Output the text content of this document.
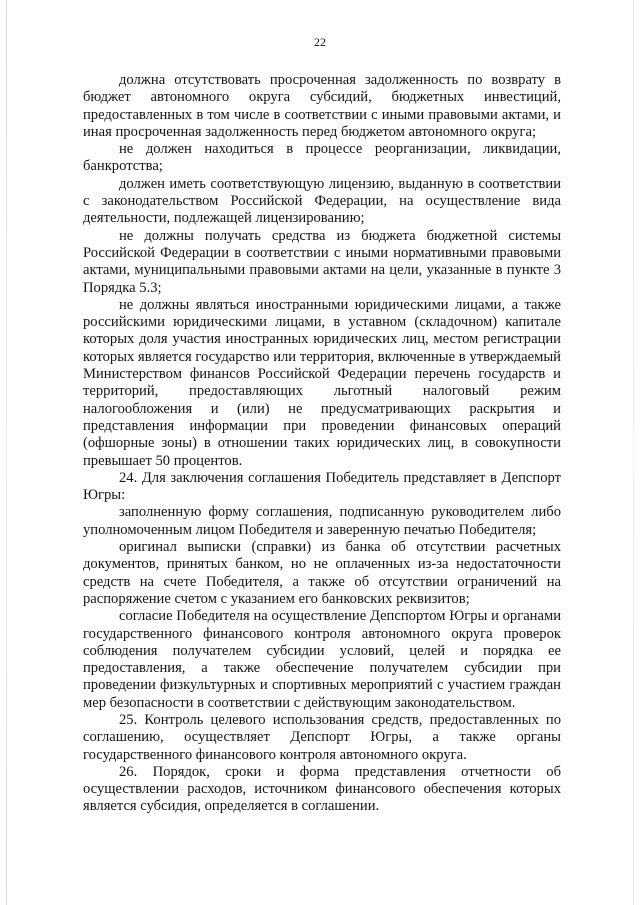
22

должна отсутствовать просроченная задолженность по возврату в бюджет автономного округа субсидий, бюджетных инвестиций, предоставленных в том числе в соответствии с иными правовыми актами, и иная просроченная задолженность перед бюджетом автономного округа;

не должен находиться в процессе реорганизации, ликвидации, банкротства;

должен иметь соответствующую лицензию, выданную в соответствии с законодательством Российской Федерации, на осуществление вида деятельности, подлежащей лицензированию;

не должны получать средства из бюджета бюджетной системы Российской Федерации в соответствии с иными нормативными правовыми актами, муниципальными правовыми актами на цели, указанные в пункте 3 Порядка 5.3;

не должны являться иностранными юридическими лицами, а также российскими юридическими лицами, в уставном (складочном) капитале которых доля участия иностранных юридических лиц, местом регистрации которых является государство или территория, включенные в утверждаемый Министерством финансов Российской Федерации перечень государств и территорий, предоставляющих льготный налоговый режим налогообложения и (или) не предусматривающих раскрытия и представления информации при проведении финансовых операций (офшорные зоны) в отношении таких юридических лиц, в совокупности превышает 50 процентов.

24. Для заключения соглашения Победитель представляет в Депспорт Югры:

заполненную форму соглашения, подписанную руководителем либо уполномоченным лицом Победителя и заверенную печатью Победителя;

оригинал выписки (справки) из банка об отсутствии расчетных документов, принятых банком, но не оплаченных из-за недостаточности средств на счете Победителя, а также об отсутствии ограничений на распоряжение счетом с указанием его банковских реквизитов;

согласие Победителя на осуществление Депспортом Югры и органами государственного финансового контроля автономного округа проверок соблюдения получателем субсидии условий, целей и порядка ее предоставления, а также обеспечение получателем субсидии при проведении физкультурных и спортивных мероприятий с участием граждан мер безопасности в соответствии с действующим законодательством.

25. Контроль целевого использования средств, предоставленных по соглашению, осуществляет Депспорт Югры, а также органы государственного финансового контроля автономного округа.

26. Порядок, сроки и форма представления отчетности об осуществлении расходов, источником финансового обеспечения которых является субсидия, определяется в соглашении.
